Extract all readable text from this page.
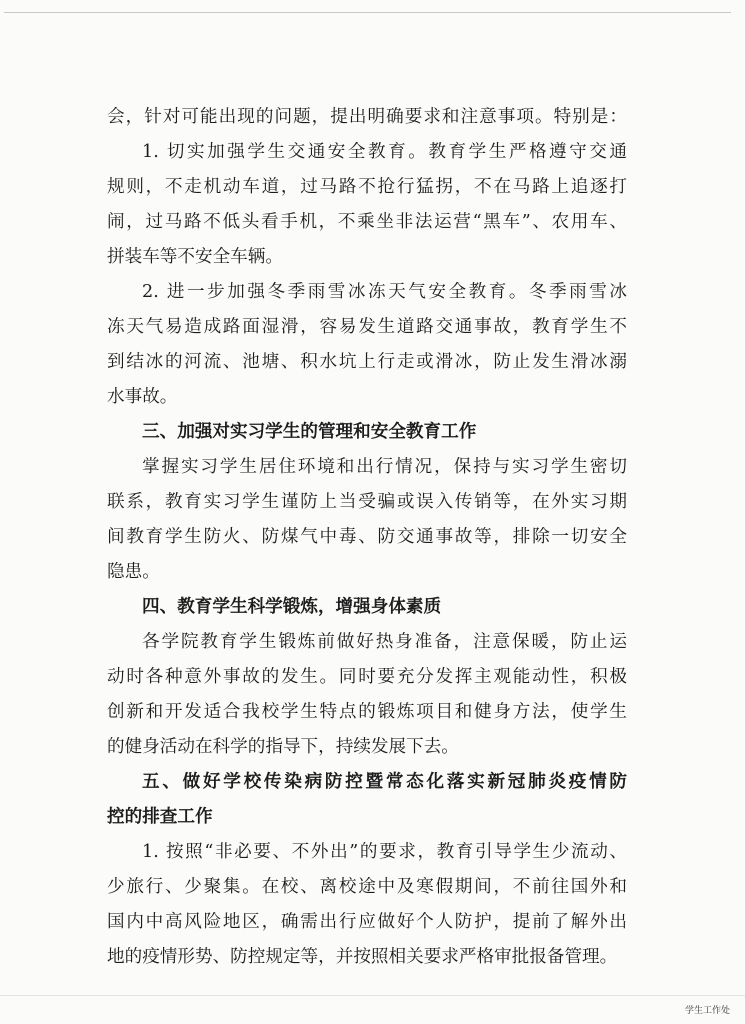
会，针对可能出现的问题，提出明确要求和注意事项。特别是：
1. 切实加强学生交通安全教育。教育学生严格遵守交通
规则，不走机动车道，过马路不抢行猛拐，不在马路上追逐打
闹，过马路不低头看手机，不乘坐非法运营“黑车”、农用车、
拼装车等不安全车辆。
2. 进一步加强冬季雨雪冰冻天气安全教育。冬季雨雪冰
冻天气易造成路面湿滑，容易发生道路交通事故，教育学生不
到结冰的河流、池塘、积水坑上行走或滑冰，防止发生滑冰溺
水事故。
三、加强对实习学生的管理和安全教育工作
掌握实习学生居住环境和出行情况，保持与实习学生密切
联系，教育实习学生谨防上当受骗或误入传销等，在外实习期
间教育学生防火、防煤气中毒、防交通事故等，排除一切安全
隐患。
四、教育学生科学锻炼，增强身体素质
各学院教育学生锻炼前做好热身准备，注意保暖，防止运
动时各种意外事故的发生。同时要充分发挥主观能动性，积极
创新和开发适合我校学生特点的锻炼项目和健身方法，使学生
的健身活动在科学的指导下，持续发展下去。
五、做好学校传染病防控暨常态化落实新冠肺炎疫情防
控的排查工作
1. 按照“非必要、不外出”的要求，教育引导学生少流动、
少旅行、少聚集。在校、离校途中及寒假期间，不前往国外和
国内中高风险地区，确需出行应做好个人防护，提前了解外出
地的疫情形势、防控规定等，并按照相关要求严格审批报备管理。
学生工作处
